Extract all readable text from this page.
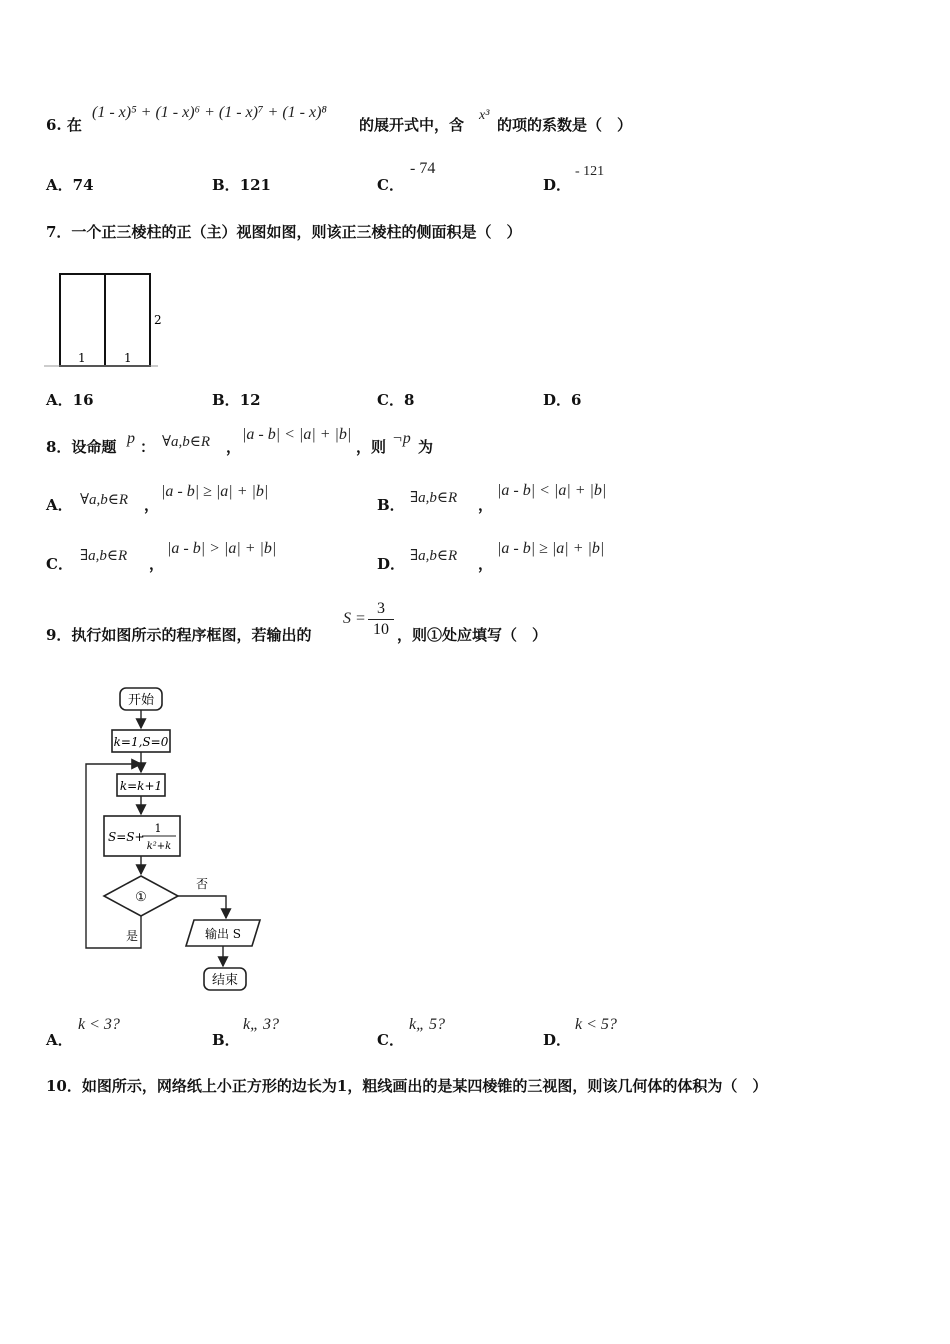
6. 在
(1 - x)⁵ + (1 - x)⁶ + (1 - x)⁷ + (1 - x)⁸
的展开式中，含
x³
的项的系数是（　）
A．74	B．121	C．
- 74
D．
- 121
7．一个正三棱柱的正（主）视图如图，则该正三棱柱的侧面积是（　）
1	1
2
A．16	B．12	C．8	D．6
8．设命题 p ： ∀a,b∈R ，
|a - b| < |a| + |b|
，则 ¬p 为
A． ∀a,b∈R ，
|a - b| ≥ |a| + |b|
B． ∃a,b∈R ，
|a - b| < |a| + |b|
C． ∃a,b∈R ，
|a - b| > |a| + |b|
D． ∃a,b∈R ，
|a - b| ≥ |a| + |b|
9．执行如图所示的程序框图，若输出的
S =
3
10 ，则①处应填写（　）
开始
k=1,S=0
k=k+1
S=S+
1
k²+k
①
否
是	输出 S
结束
A．
k < 3?
B．
k„ 3?
C．
k„ 5?
D．
k < 5?
10．如图所示，网络纸上小正方形的边长为1，粗线画出的是某四棱锥的三视图，则该几何体的体积为（　）
